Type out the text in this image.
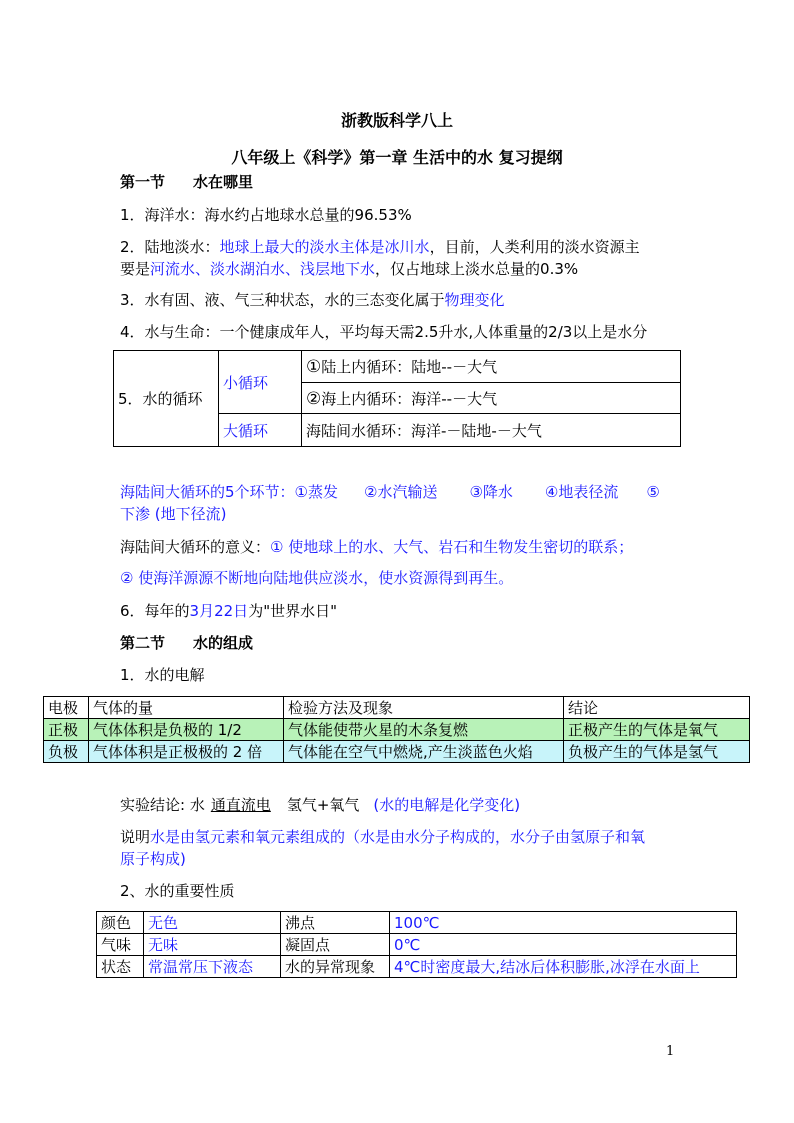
浙教版科学八上
八年级上《科学》第一章 生活中的水 复习提纲
第一节 水在哪里
1．海洋水：海水约占地球水总量的96.53%
2．陆地淡水：地球上最大的淡水主体是冰川水，目前，人类利用的淡水资源主
要是河流水、淡水湖泊水、浅层地下水，仅占地球上淡水总量的0.3%
3．水有固、液、气三种状态，水的三态变化属于物理变化
4．水与生命：一个健康成年人，平均每天需2.5升水,人体重量的2/3以上是水分
5．水的循环	小循环	①陆上内循环：陆地--－大气
		②海上内循环：海洋--－大气
	大循环	海陆间水循环：海洋-－陆地-－大气
海陆间大循环的5个环节：①蒸发 ②水汽输送 ③降水 ④地表径流 ⑤
下渗 (地下径流)
海陆间大循环的意义：① 使地球上的水、大气、岩石和生物发生密切的联系；
② 使海洋源源不断地向陆地供应淡水，使水资源得到再生。
6．每年的3月22日为"世界水日"
第二节 水的组成
1．水的电解
电极	气体的量	检验方法及现象	结论
正极	气体体积是负极的 1/2	气体能使带火星的木条复燃	正极产生的气体是氧气
负极	气体体积是正极极的 2 倍	气体能在空气中燃烧,产生淡蓝色火焰	负极产生的气体是氢气
实验结论: 水 通直流电 氢气+氧气 (水的电解是化学变化)
说明水是由氢元素和氧元素组成的（水是由水分子构成的，水分子由氢原子和氧
原子构成)
2、水的重要性质
颜色	无色	沸点	100℃
气味	无味	凝固点	0℃
状态	常温常压下液态	水的异常现象	4℃时密度最大,结冰后体积膨胀,冰浮在水面上
1
